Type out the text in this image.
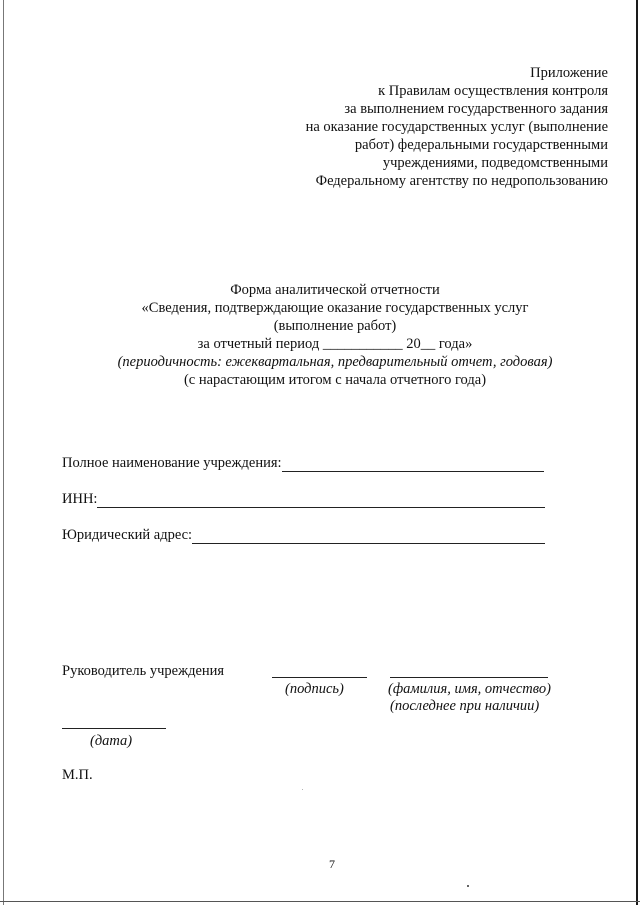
Приложение
к Правилам осуществления контроля
за выполнением государственного задания
на оказание государственных услуг (выполнение
работ) федеральными государственными
учреждениями, подведомственными
Федеральному агентству по недропользованию
Форма аналитической отчетности
«Сведения, подтверждающие оказание государственных услуг
(выполнение работ)
за отчетный период ___________ 20__ года»
(периодичность: ежеквартальная, предварительный отчет, годовая)
(с нарастающим итогом с начала отчетного года)
Полное наименование учреждения:
ИНН:
Юридический адрес:
Руководитель учреждения
(подпись)	(фамилия, имя, отчество)
(последнее при наличии)
(дата)
М.П.
7
